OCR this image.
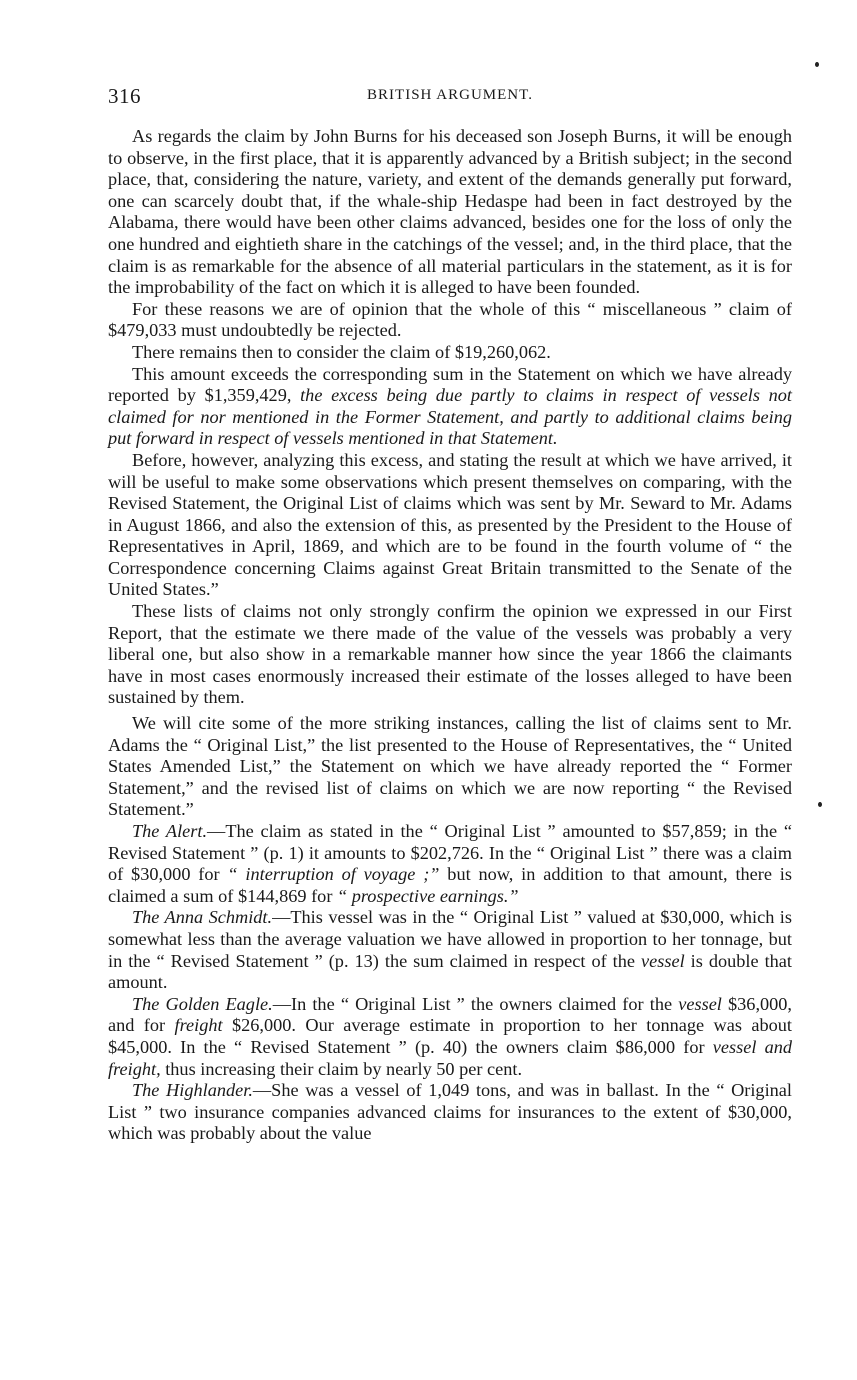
316	BRITISH ARGUMENT.

As regards the claim by John Burns for his deceased son Joseph Burns, it will be enough to observe, in the first place, that it is apparently advanced by a British subject; in the second place, that, considering the nature, variety, and extent of the demands generally put forward, one can scarcely doubt that, if the whale-ship Hedaspe had been in fact destroyed by the Alabama, there would have been other claims advanced, besides one for the loss of only the one hundred and eightieth share in the catchings of the vessel; and, in the third place, that the claim is as remarkable for the absence of all material particulars in the statement, as it is for the improbability of the fact on which it is alleged to have been founded.

For these reasons we are of opinion that the whole of this “ miscellaneous ” claim of $479,033 must undoubtedly be rejected.

There remains then to consider the claim of $19,260,062.

This amount exceeds the corresponding sum in the Statement on which we have already reported by $1,359,429, the excess being due partly to claims in respect of vessels not claimed for nor mentioned in the Former Statement, and partly to additional claims being put forward in respect of vessels mentioned in that Statement.

Before, however, analyzing this excess, and stating the result at which we have arrived, it will be useful to make some observations which present themselves on comparing, with the Revised Statement, the Original List of claims which was sent by Mr. Seward to Mr. Adams in August 1866, and also the extension of this, as presented by the President to the House of Representatives in April, 1869, and which are to be found in the fourth volume of “ the Correspondence concerning Claims against Great Britain transmitted to the Senate of the United States.”

These lists of claims not only strongly confirm the opinion we expressed in our First Report, that the estimate we there made of the value of the vessels was probably a very liberal one, but also show in a remarkable manner how since the year 1866 the claimants have in most cases enormously increased their estimate of the losses alleged to have been sustained by them.

We will cite some of the more striking instances, calling the list of claims sent to Mr. Adams the “ Original List,” the list presented to the House of Representatives, the “ United States Amended List,” the Statement on which we have already reported the “ Former Statement,” and the revised list of claims on which we are now reporting “ the Revised Statement.”

The Alert.—The claim as stated in the “ Original List ” amounted to $57,859; in the “ Revised Statement ” (p. 1) it amounts to $202,726. In the “ Original List ” there was a claim of $30,000 for “ interruption of voyage ;” but now, in addition to that amount, there is claimed a sum of $144,869 for “ prospective earnings.”

The Anna Schmidt.—This vessel was in the “ Original List ” valued at $30,000, which is somewhat less than the average valuation we have allowed in proportion to her tonnage, but in the “ Revised Statement ” (p. 13) the sum claimed in respect of the vessel is double that amount.

The Golden Eagle.—In the “ Original List ” the owners claimed for the vessel $36,000, and for freight $26,000. Our average estimate in proportion to her tonnage was about $45,000. In the “ Revised Statement ” (p. 40) the owners claim $86,000 for vessel and freight, thus increasing their claim by nearly 50 per cent.

The Highlander.—She was a vessel of 1,049 tons, and was in ballast. In the “ Original List ” two insurance companies advanced claims for insurances to the extent of $30,000, which was probably about the value
